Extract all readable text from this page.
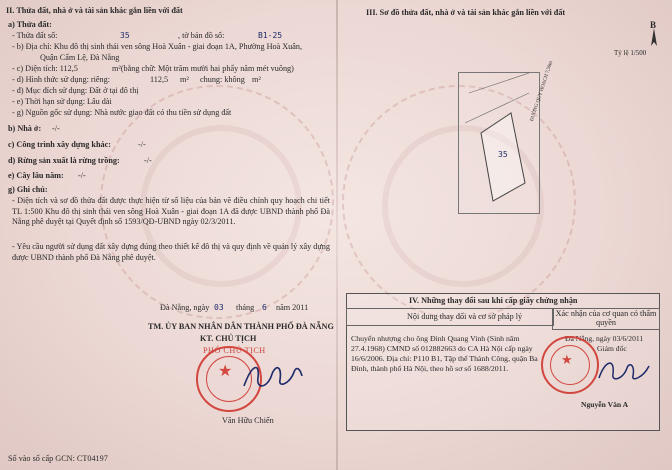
II. Thửa đất, nhà ở và tài sản khác gắn liền với đất
a) Thửa đất:
- Thửa đất số:	35	, tờ bản đồ số:	B1-25
- b) Địa chỉ: Khu đô thị sinh thái ven sông Hoà Xuân - giai đoạn 1A, Phường Hoà Xuân,
Quận Cẩm Lệ, Đà Nẵng
- c) Diện tích: 112,5	m²(bằng chữ: Một trăm mười hai phẩy năm mét vuông)
- d) Hình thức sử dụng: riêng:	112,5 m² chung: không m²
- đ) Mục đích sử dụng: Đất ở tại đô thị
- e) Thời hạn sử dụng: Lâu dài
- g) Nguồn gốc sử dụng: Nhà nước giao đất có thu tiền sử dụng đất
b) Nhà ở: -/-
c) Công trình xây dựng khác:	-/-
d) Rừng sản xuất là rừng trồng:	-/-
e) Cây lâu năm: -/-
g) Ghi chú:
- Diện tích và sơ đồ thửa đất được thực hiện từ số liệu của bản vẽ điều chỉnh quy hoạch chi tiết TL 1:500 Khu đô thị sinh thái ven sông Hoà Xuân - giai đoạn 1A đã được UBND thành phố Đà Nẵng phê duyệt tại Quyết định số 1593/QĐ-UBND ngày 02/3/2011.
- Yêu cầu người sử dụng đất xây dựng đúng theo thiết kế đô thị và quy định về quản lý xây dựng được UBND thành phố Đà Nẵng phê duyệt.
Đà Nẵng, ngày 03 tháng 6 năm 2011
TM. ỦY BAN NHÂN DÂN THÀNH PHỐ ĐÀ NẴNG
KT. CHỦ TỊCH
PHÓ CHỦ TỊCH
★
Văn Hữu Chiến
Số vào sổ cấp GCN: CT04197
III. Sơ đồ thửa đất, nhà ở và tài sản khác gắn liền với đất
Tỷ lệ 1/500
B
ĐƯỜNG QUY HOẠCH 7,50m
35
IV. Những thay đổi sau khi cấp giấy chứng nhận
Nội dung thay đổi và cơ sở pháp lý	Xác nhận của cơ quan có thẩm quyền
Chuyển nhượng cho ông Đinh Quang Vinh (Sinh năm 27.4.1968) CMND số 012882663 do CA Hà Nội cấp ngày 16/6/2006. Địa chỉ: P110 B1, Tập thể Thành Công, quận Ba Đình, thành phố Hà Nội, theo hồ sơ số 1688/2011.
Đà Nẵng, ngày 03/6/2011
Giám đốc
★
Nguyễn Văn A
